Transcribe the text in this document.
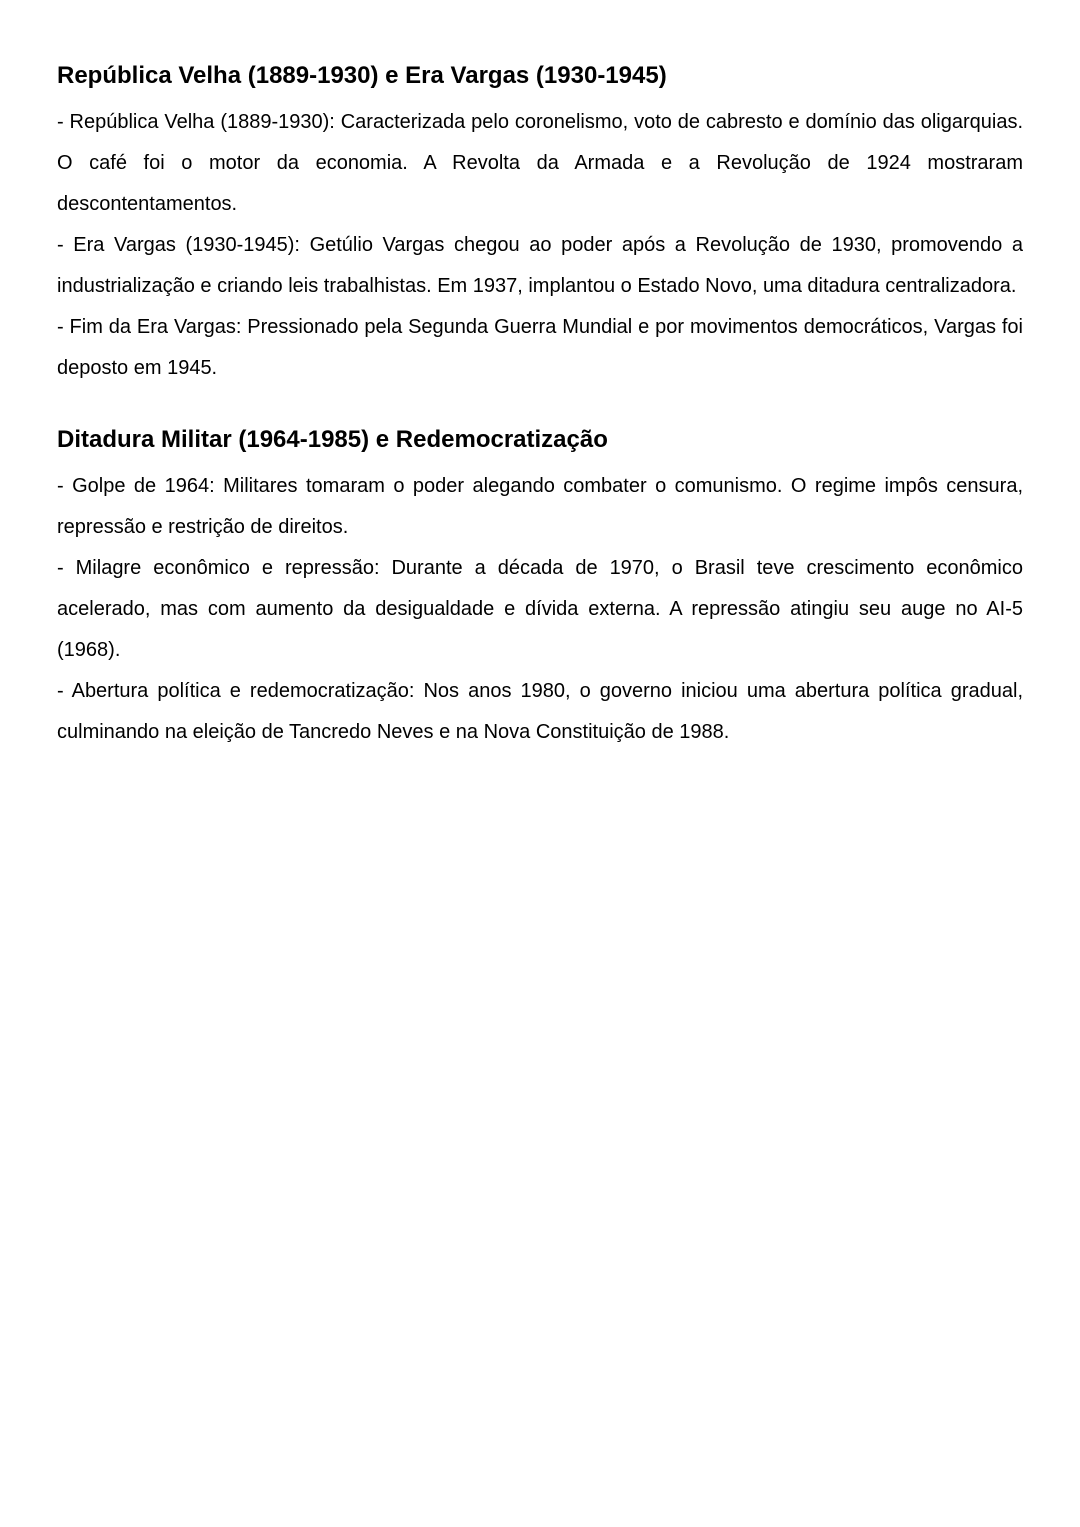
República Velha (1889-1930) e Era Vargas (1930-1945)

- República Velha (1889-1930): Caracterizada pelo coronelismo, voto de cabresto e domínio das oligarquias. O café foi o motor da economia. A Revolta da Armada e a Revolução de 1924 mostraram descontentamentos.

- Era Vargas (1930-1945): Getúlio Vargas chegou ao poder após a Revolução de 1930, promovendo a industrialização e criando leis trabalhistas. Em 1937, implantou o Estado Novo, uma ditadura centralizadora.

- Fim da Era Vargas: Pressionado pela Segunda Guerra Mundial e por movimentos democráticos, Vargas foi deposto em 1945.

Ditadura Militar (1964-1985) e Redemocratização

- Golpe de 1964: Militares tomaram o poder alegando combater o comunismo. O regime impôs censura, repressão e restrição de direitos.

- Milagre econômico e repressão: Durante a década de 1970, o Brasil teve crescimento econômico acelerado, mas com aumento da desigualdade e dívida externa. A repressão atingiu seu auge no AI-5 (1968).

- Abertura política e redemocratização: Nos anos 1980, o governo iniciou uma abertura política gradual, culminando na eleição de Tancredo Neves e na Nova Constituição de 1988.
